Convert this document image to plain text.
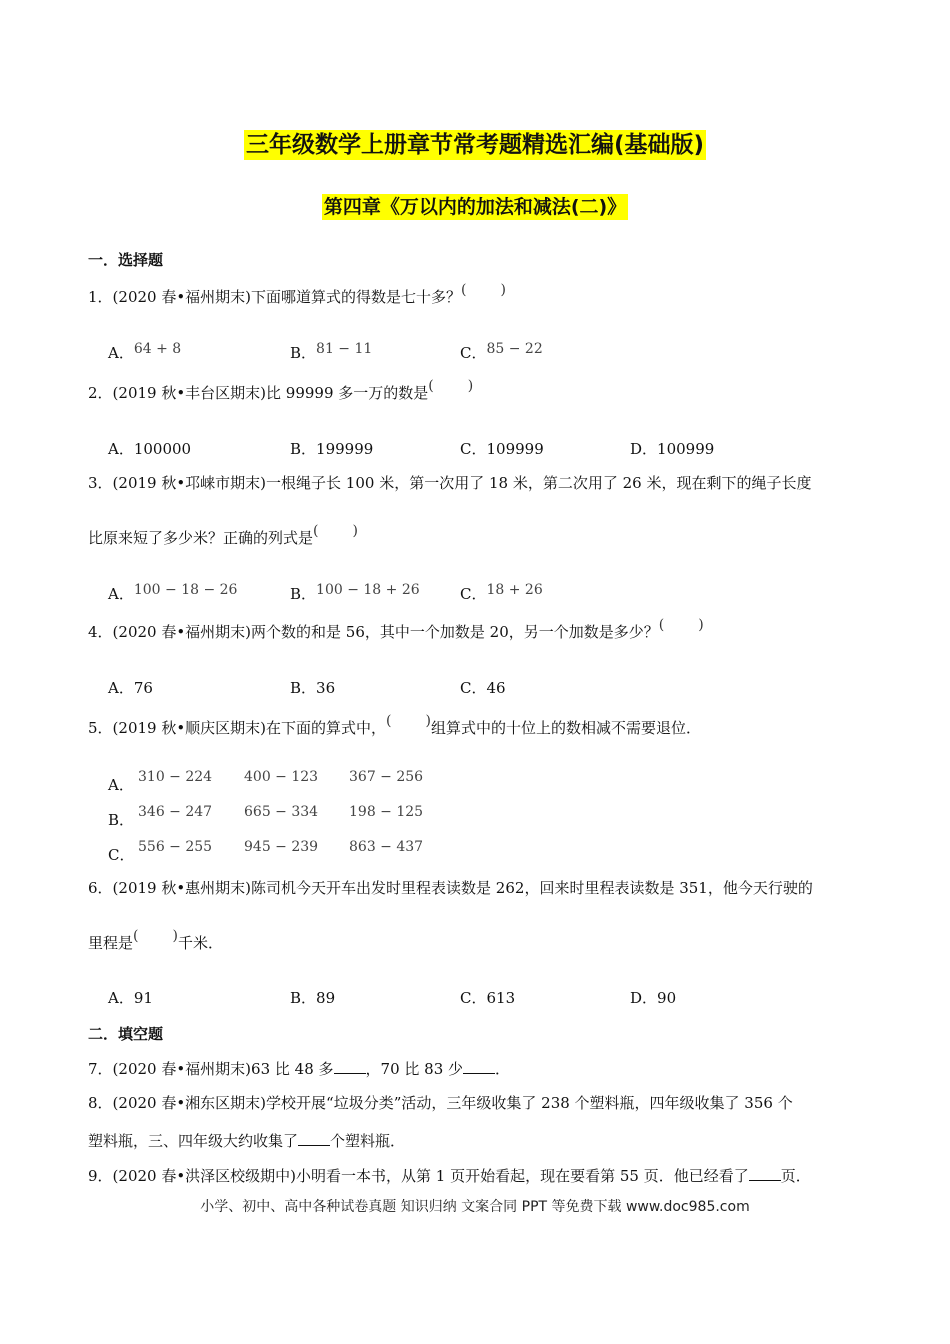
三年级数学上册章节常考题精选汇编(基础版)
第四章《万以内的加法和减法(二)》
一．选择题
1．(2020 春•福州期末)下面哪道算式的得数是七十多？( )
A．64 + 8	B．81 − 11	C．85 − 22
2．(2019 秋•丰台区期末)比 99999 多一万的数是( )
A．100000	B．199999	C．109999	D．100999
3．(2019 秋•邛崃市期末)一根绳子长 100 米，第一次用了 18 米，第二次用了 26 米，现在剩下的绳子长度
比原来短了多少米？正确的列式是( )
A．100 − 18 − 26	B．100 − 18 + 26	C．18 + 26
4．(2020 春•福州期末)两个数的和是 56，其中一个加数是 20，另一个加数是多少？( )
A．76	B．36	C．46
5．(2019 秋•顺庆区期末)在下面的算式中，( )组算式中的十位上的数相减不需要退位．
A． 310 − 224 400 − 123 367 − 256
B． 346 − 247 665 − 334 198 − 125
C． 556 − 255 945 − 239 863 − 437
6．(2019 秋•惠州期末)陈司机今天开车出发时里程表读数是 262，回来时里程表读数是 351，他今天行驶的
里程是( )千米．
A．91	B．89	C．613	D．90
二．填空题
7．(2020 春•福州期末)63 比 48 多 ，70 比 83 少 ．
8．(2020 春•湘东区期末)学校开展“垃圾分类”活动，三年级收集了 238 个塑料瓶，四年级收集了 356 个
塑料瓶，三、四年级大约收集了 个塑料瓶．
9．(2020 春•洪泽区校级期中)小明看一本书，从第 1 页开始看起，现在要看第 55 页．他已经看了 页．
小学、初中、高中各种试卷真题 知识归纳 文案合同 PPT 等免费下载 www.doc985.com
